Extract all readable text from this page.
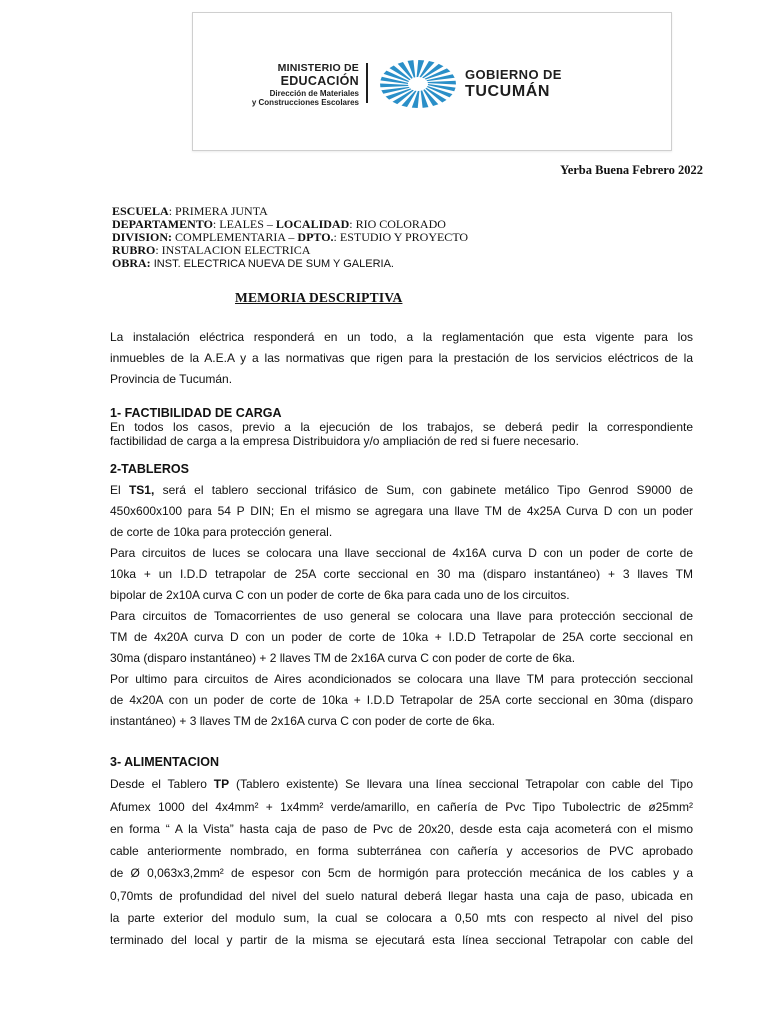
MINISTERIO DE
EDUCACIÓN
Dirección de Materiales
y Construcciones Escolares
GOBIERNO DE
TUCUMÁN
Yerba Buena Febrero 2022
ESCUELA: PRIMERA JUNTA
DEPARTAMENTO: LEALES – LOCALIDAD: RIO COLORADO
DIVISION: COMPLEMENTARIA – DPTO.: ESTUDIO Y PROYECTO
RUBRO: INSTALACION ELECTRICA
OBRA: INST. ELECTRICA NUEVA DE SUM Y GALERIA.
MEMORIA DESCRIPTIVA
La instalación eléctrica responderá en un todo, a la reglamentación que esta vigente para los
inmuebles de la A.E.A y a las normativas que rigen para la prestación de los servicios eléctricos de la
Provincia de Tucumán.
1- FACTIBILIDAD DE CARGA
En todos los casos, previo a la ejecución de los trabajos, se deberá pedir la correspondiente
factibilidad de carga a la empresa Distribuidora y/o ampliación de red si fuere necesario.
2-TABLEROS
El TS1, será el tablero seccional trifásico de Sum, con gabinete metálico Tipo Genrod S9000 de
450x600x100 para 54 P DIN; En el mismo se agregara una llave TM de 4x25A Curva D con un poder
de corte de 10ka para protección general.
Para circuitos de luces se colocara una llave seccional de 4x16A curva D con un poder de corte de
10ka + un I.D.D tetrapolar de 25A corte seccional en 30 ma (disparo instantáneo) + 3 llaves TM
bipolar de 2x10A curva C con un poder de corte de 6ka para cada uno de los circuitos.
Para circuitos de Tomacorrientes de uso general se colocara una llave para protección seccional de
TM de 4x20A curva D con un poder de corte de 10ka + I.D.D Tetrapolar de 25A corte seccional en
30ma (disparo instantáneo) + 2 llaves TM de 2x16A curva C con poder de corte de 6ka.
Por ultimo para circuitos de Aires acondicionados se colocara una llave TM para protección seccional
de 4x20A con un poder de corte de 10ka + I.D.D Tetrapolar de 25A corte seccional en 30ma (disparo
instantáneo) + 3 llaves TM de 2x16A curva C con poder de corte de 6ka.
3- ALIMENTACION
Desde el Tablero TP (Tablero existente) Se llevara una línea seccional Tetrapolar con cable del Tipo
Afumex 1000 del 4x4mm² + 1x4mm² verde/amarillo, en cañería de Pvc Tipo Tubolectric de ø25mm²
en forma “ A la Vista” hasta caja de paso de Pvc de 20x20, desde esta caja acometerá con el mismo
cable anteriormente nombrado, en forma subterránea con cañería y accesorios de PVC aprobado
de Ø 0,063x3,2mm² de espesor con 5cm de hormigón para protección mecánica de los cables y a
0,70mts de profundidad del nivel del suelo natural deberá llegar hasta una caja de paso, ubicada en
la parte exterior del modulo sum, la cual se colocara a 0,50 mts con respecto al nivel del piso
terminado del local y partir de la misma se ejecutará esta línea seccional Tetrapolar con cable del
